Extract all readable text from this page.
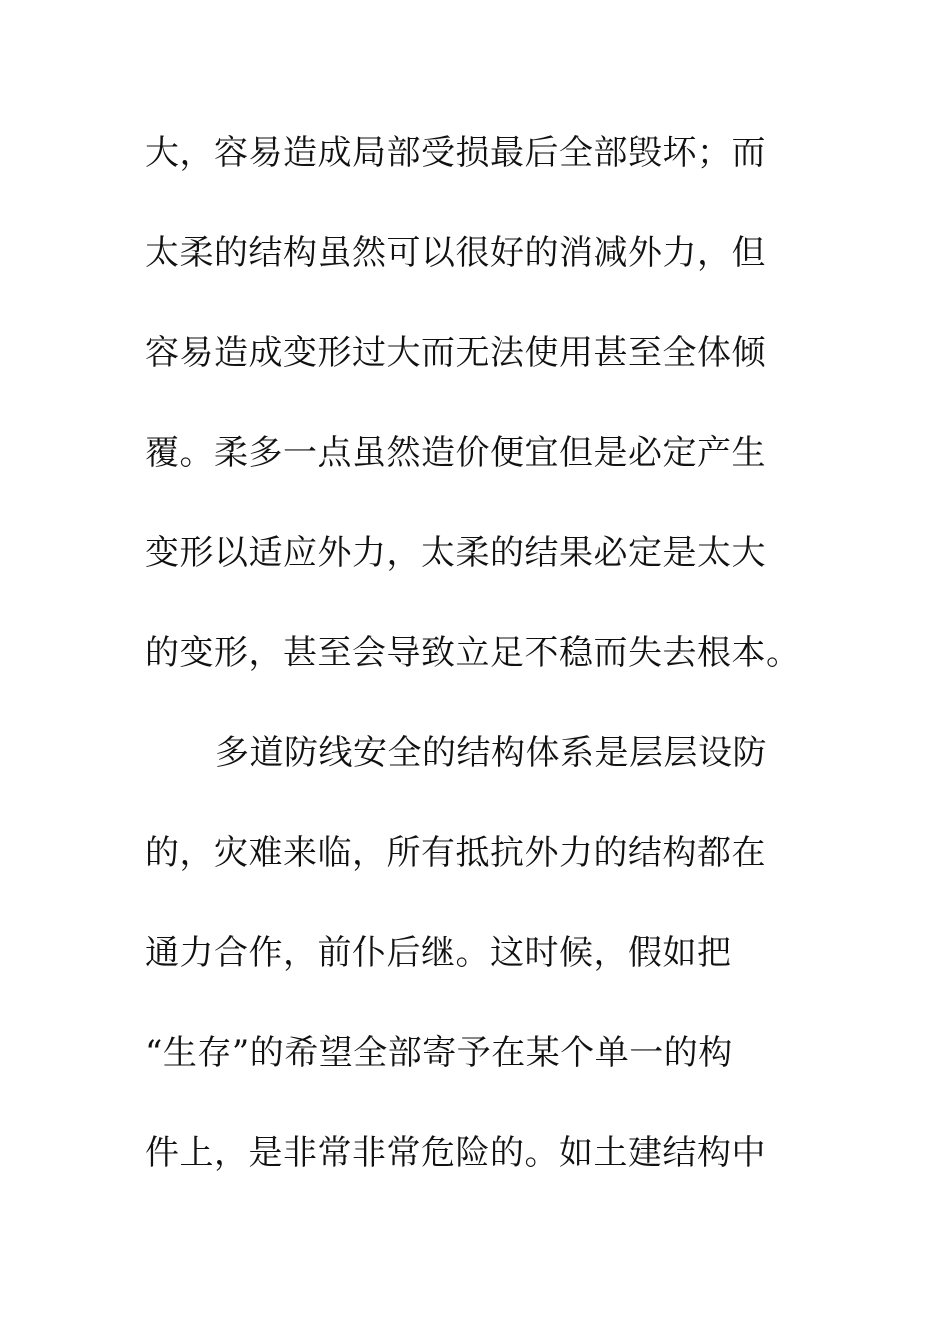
大，容易造成局部受损最后全部毁坏；而
太柔的结构虽然可以很好的消减外力，但
容易造成变形过大而无法使用甚至全体倾
覆。柔多一点虽然造价便宜但是必定产生
变形以适应外力，太柔的结果必定是太大
的变形，甚至会导致立足不稳而失去根本。
多道防线安全的结构体系是层层设防
的，灾难来临，所有抵抗外力的结构都在
通力合作，前仆后继。这时候，假如把
“生存”的希望全部寄予在某个单一的构
件上，是非常非常危险的。如土建结构中
